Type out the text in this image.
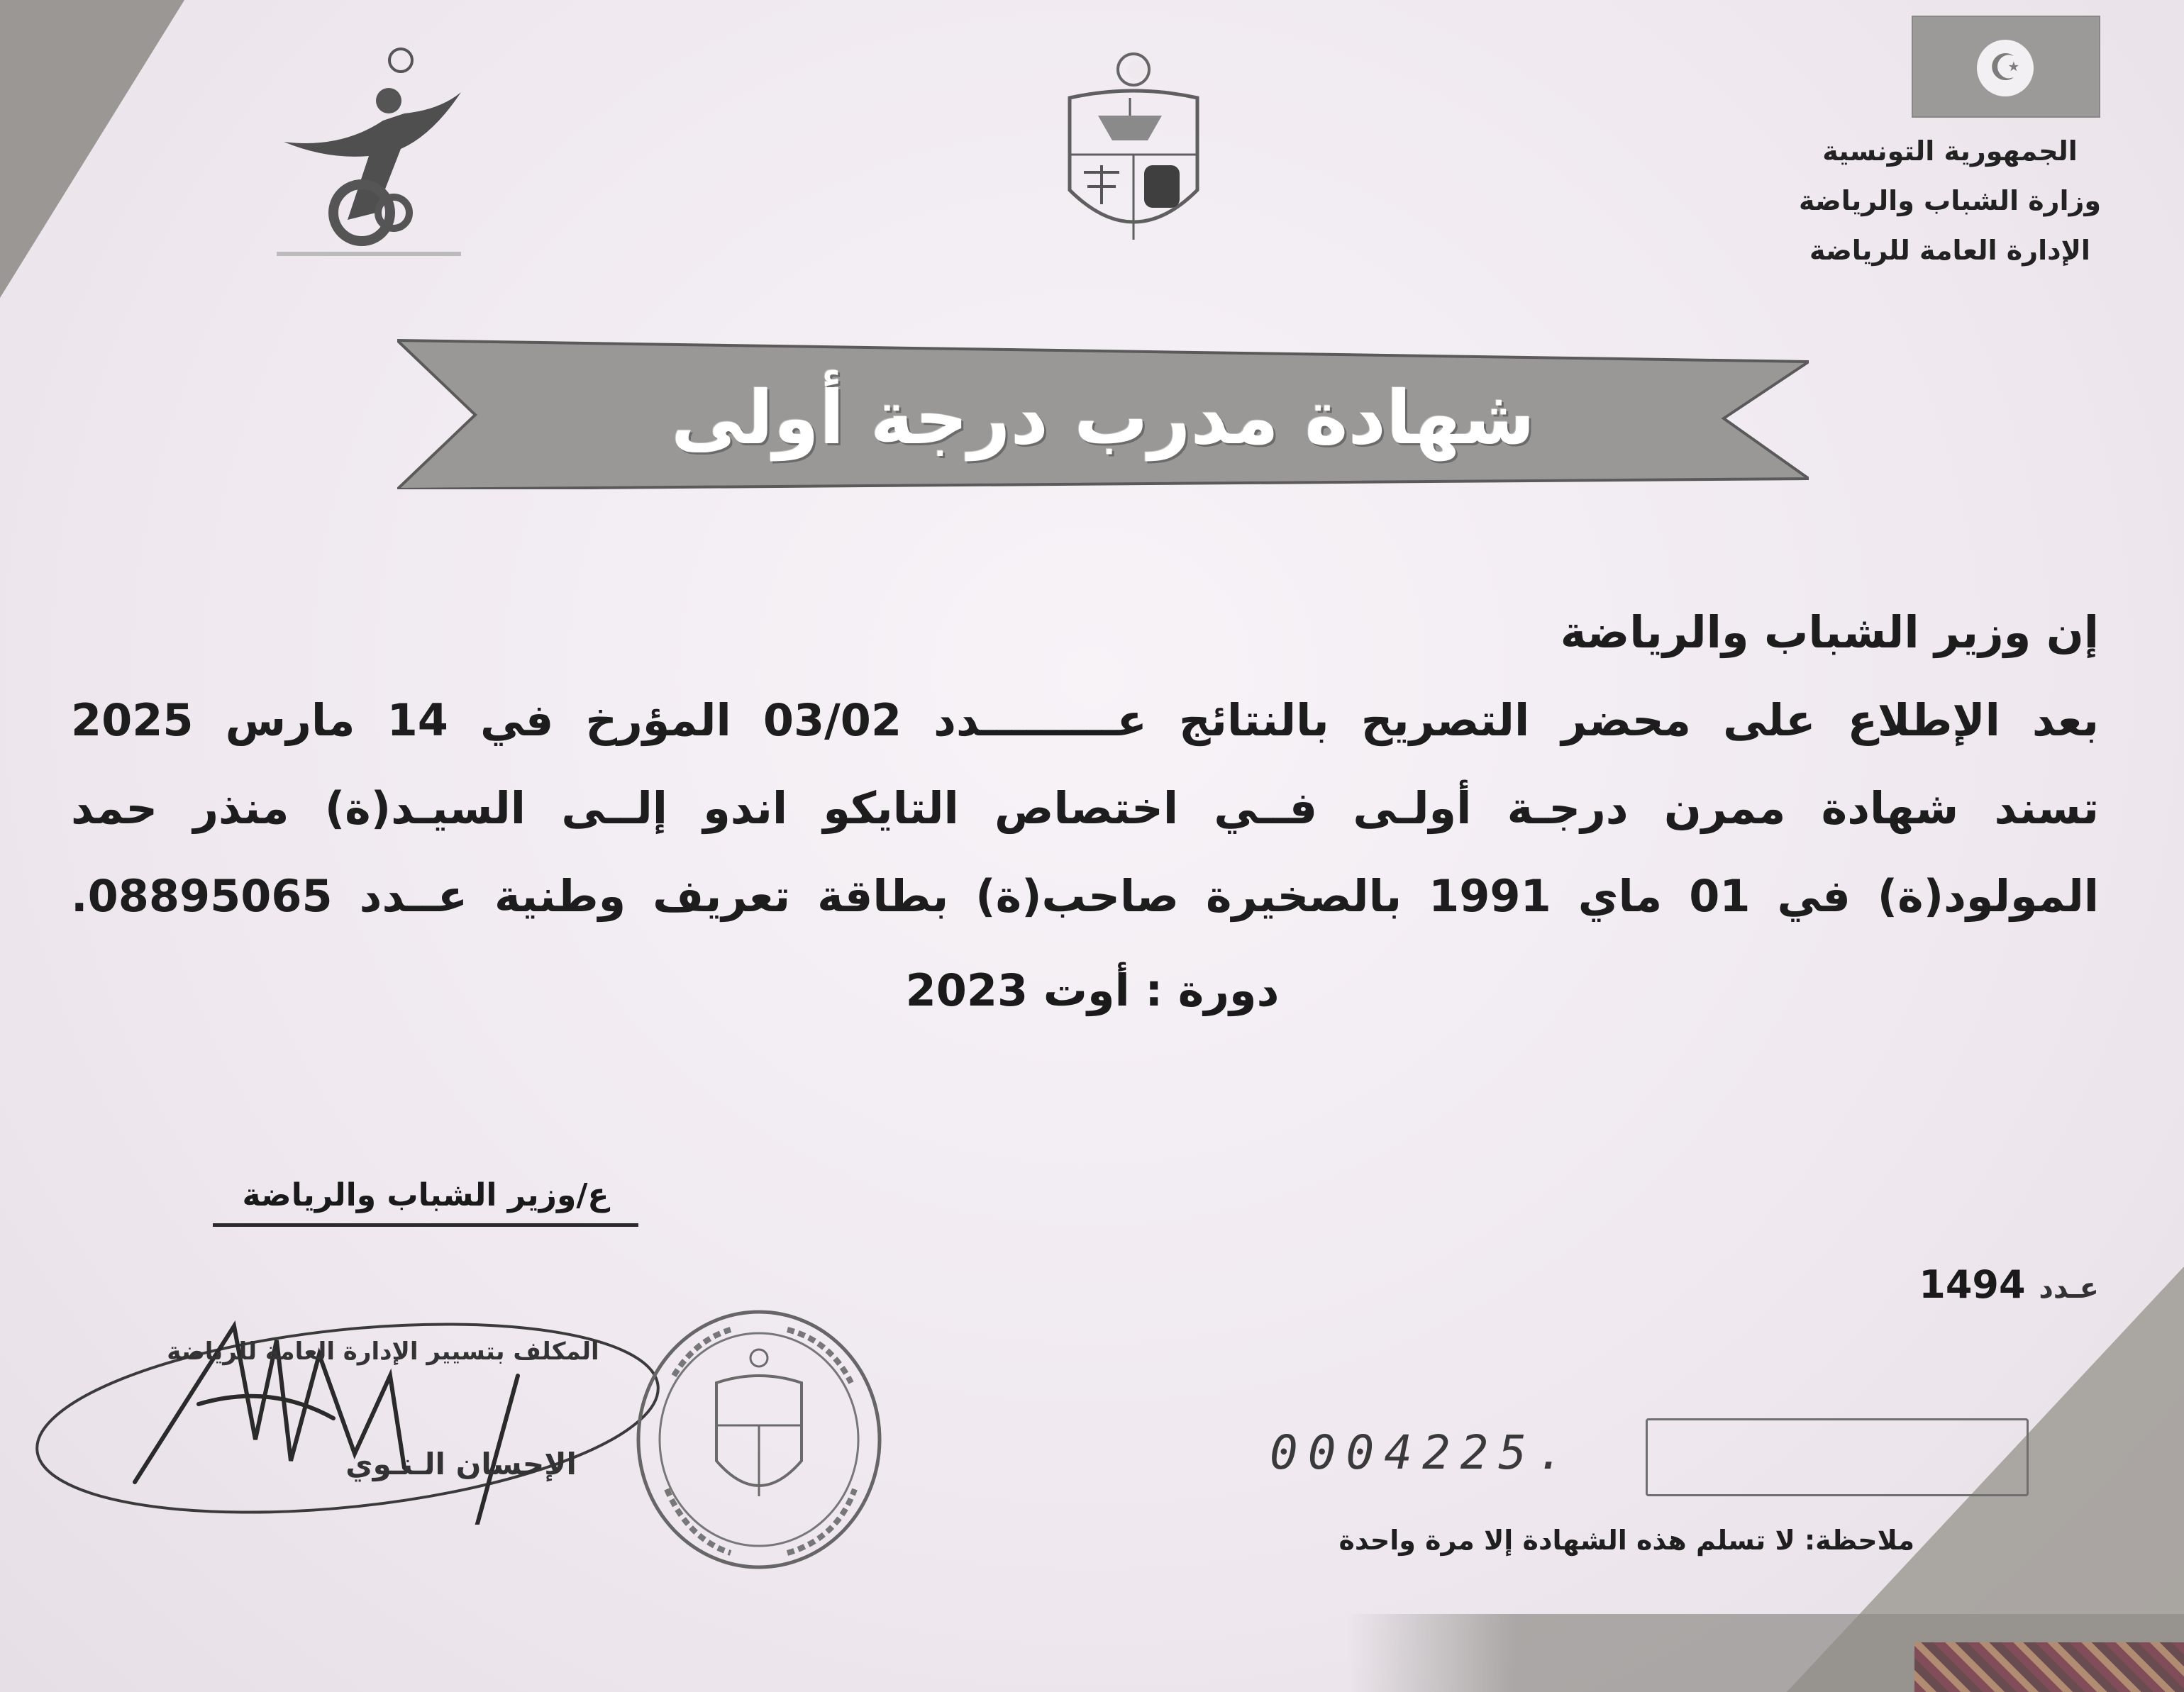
☪
الجمهورية التونسية
وزارة الشباب والرياضة
الإدارة العامة للرياضة
شهادة مدرب درجة أولى
إن وزير الشباب والرياضة
بعد الإطلاع على محضر التصريح بالنتائج عـــــــــدد 03/02 المؤرخ في 14 مارس 2025
تسند شهادة ممرن درجـة أولـى فــي اختصاص التايكو اندو إلــى السيـد(ة) منذر حمد
المولود(ة) في 01 ماي 1991 بالصخيرة صاحب(ة) بطاقة تعريف وطنية عــدد 08895065.
دورة : أوت 2023
ع/وزير الشباب والرياضة
عـدد 1494
المكلف بتسيير الإدارة العامة للرياضة
الإحسان الـنـوي	0004225.
ملاحظة: لا تسلم هذه الشهادة إلا مرة واحدة
